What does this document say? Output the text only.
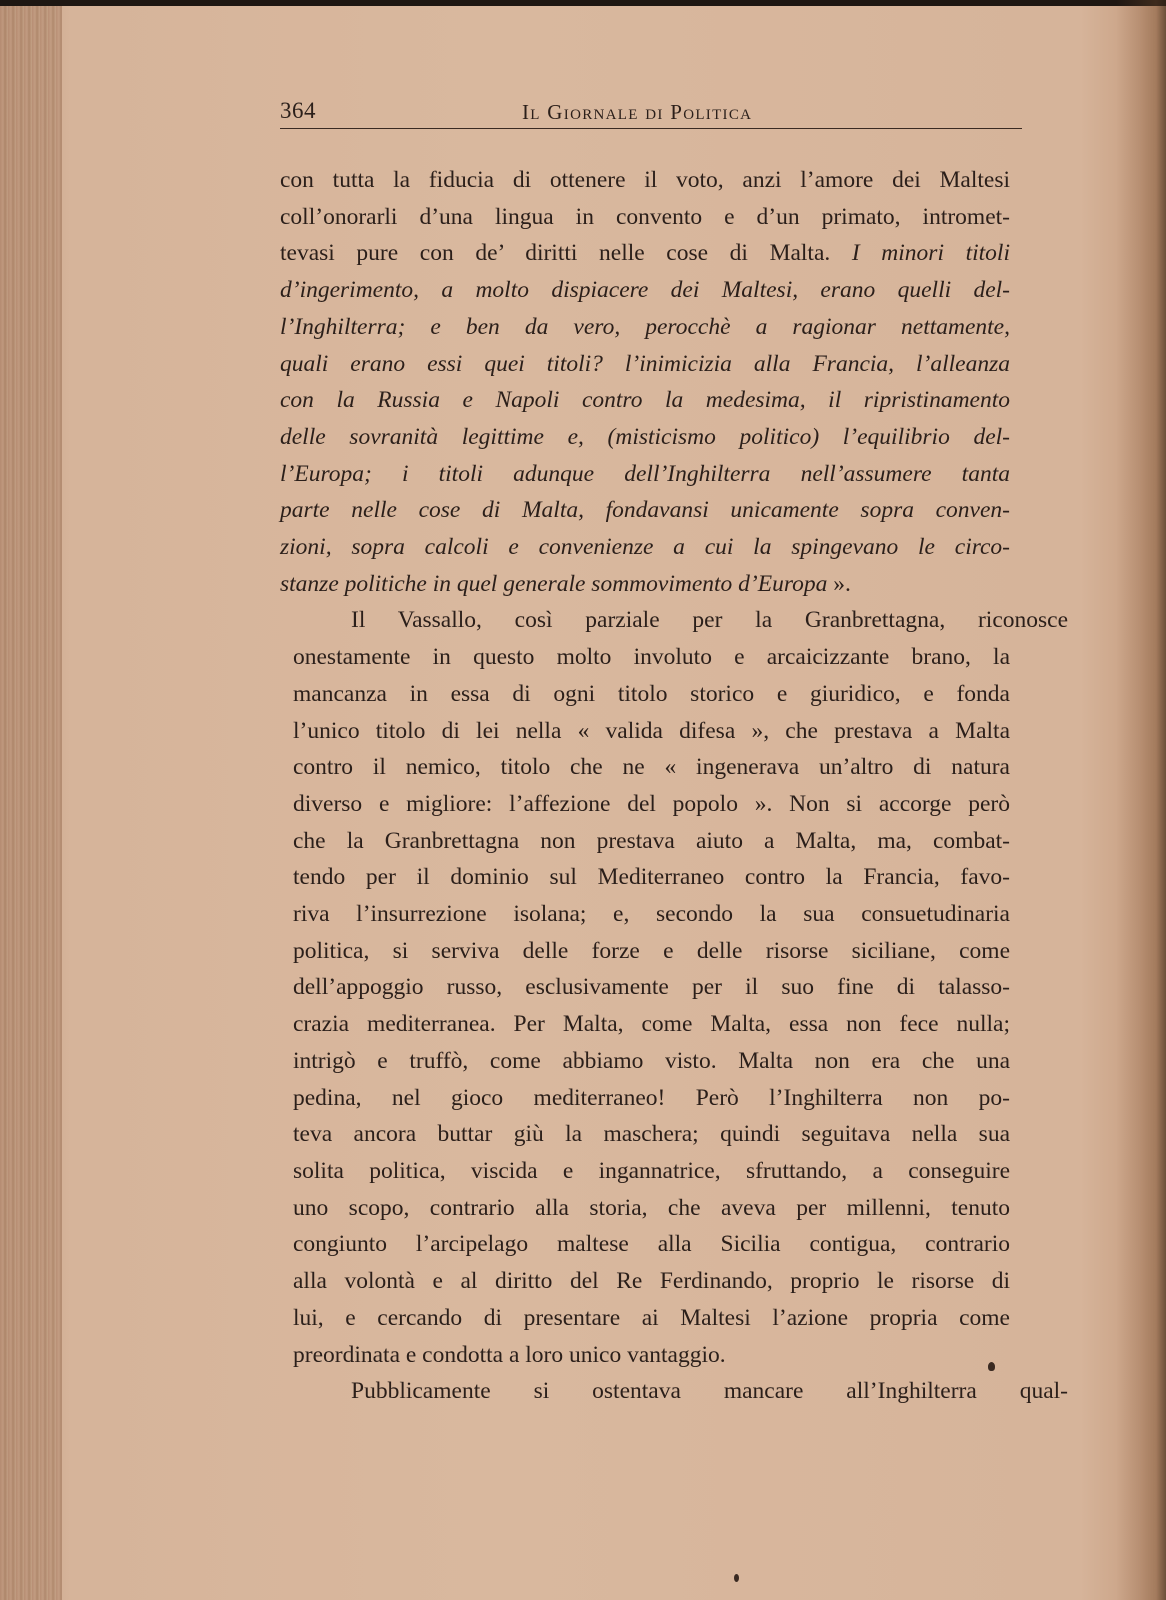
364	Il Giornale di Politica
con tutta la fiducia di ottenere il voto, anzi l’amore dei Maltesi
coll’onorarli d’una lingua in convento e d’un primato, intromet-
tevasi pure con de’ diritti nelle cose di Malta. I minori titoli
d’ingerimento, a molto dispiacere dei Maltesi, erano quelli del-
l’Inghilterra; e ben da vero, perocchè a ragionar nettamente,
quali erano essi quei titoli? l’inimicizia alla Francia, l’alleanza
con la Russia e Napoli contro la medesima, il ripristinamento
delle sovranità legittime e, (misticismo politico) l’equilibrio del-
l’Europa; i titoli adunque dell’Inghilterra nell’assumere tanta
parte nelle cose di Malta, fondavansi unicamente sopra conven-
zioni, sopra calcoli e convenienze a cui la spingevano le circo-
stanze politiche in quel generale sommovimento d’Europa ».
Il Vassallo, così parziale per la Granbrettagna, riconosce
onestamente in questo molto involuto e arcaicizzante brano, la
mancanza in essa di ogni titolo storico e giuridico, e fonda
l’unico titolo di lei nella « valida difesa », che prestava a Malta
contro il nemico, titolo che ne « ingenerava un’altro di natura
diverso e migliore: l’affezione del popolo ». Non si accorge però
che la Granbrettagna non prestava aiuto a Malta, ma, combat-
tendo per il dominio sul Mediterraneo contro la Francia, favo-
riva l’insurrezione isolana; e, secondo la sua consuetudinaria
politica, si serviva delle forze e delle risorse siciliane, come
dell’appoggio russo, esclusivamente per il suo fine di talasso-
crazia mediterranea. Per Malta, come Malta, essa non fece nulla;
intrigò e truffò, come abbiamo visto. Malta non era che una
pedina, nel gioco mediterraneo! Però l’Inghilterra non po-
teva ancora buttar giù la maschera; quindi seguitava nella sua
solita politica, viscida e ingannatrice, sfruttando, a conseguire
uno scopo, contrario alla storia, che aveva per millenni, tenuto
congiunto l’arcipelago maltese alla Sicilia contigua, contrario
alla volontà e al diritto del Re Ferdinando, proprio le risorse di
lui, e cercando di presentare ai Maltesi l’azione propria come
preordinata e condotta a loro unico vantaggio.
Pubblicamente si ostentava mancare all’Inghilterra qual-
